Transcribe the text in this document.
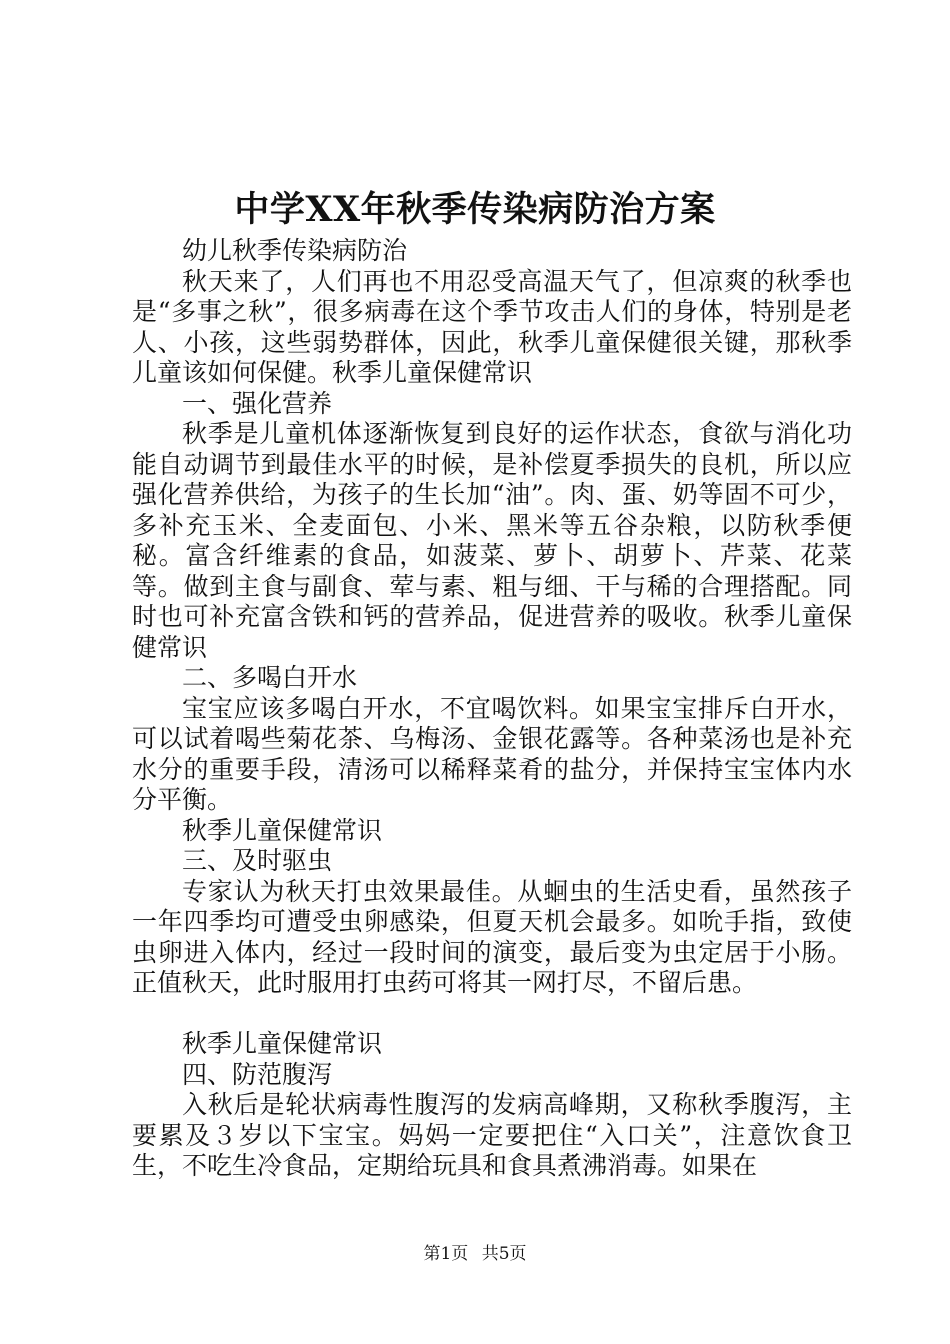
中学XX年秋季传染病防治方案

幼儿秋季传染病防治

秋天来了，人们再也不用忍受高温天气了，但凉爽的秋季也是“多事之秋”，很多病毒在这个季节攻击人们的身体，特别是老人、小孩，这些弱势群体，因此，秋季儿童保健很关键，那秋季儿童该如何保健。秋季儿童保健常识

一、强化营养

秋季是儿童机体逐渐恢复到良好的运作状态，食欲与消化功能自动调节到最佳水平的时候，是补偿夏季损失的良机，所以应强化营养供给，为孩子的生长加“油”。肉、蛋、奶等固不可少，多补充玉米、全麦面包、小米、黑米等五谷杂粮，以防秋季便秘。富含纤维素的食品，如菠菜、萝卜、胡萝卜、芹菜、花菜等。做到主食与副食、荤与素、粗与细、干与稀的合理搭配。同时也可补充富含铁和钙的营养品，促进营养的吸收。秋季儿童保健常识

二、多喝白开水

宝宝应该多喝白开水，不宜喝饮料。如果宝宝排斥白开水，可以试着喝些菊花茶、乌梅汤、金银花露等。各种菜汤也是补充水分的重要手段，清汤可以稀释菜肴的盐分，并保持宝宝体内水分平衡。

秋季儿童保健常识

三、及时驱虫

专家认为秋天打虫效果最佳。从蛔虫的生活史看，虽然孩子一年四季均可遭受虫卵感染，但夏天机会最多。如吮手指，致使虫卵进入体内，经过一段时间的演变，最后变为虫定居于小肠。正值秋天，此时服用打虫药可将其一网打尽，不留后患。

秋季儿童保健常识

四、防范腹泻

入秋后是轮状病毒性腹泻的发病高峰期，又称秋季腹泻，主要累及３岁以下宝宝。妈妈一定要把住“入口关”，注意饮食卫生，不吃生冷食品，定期给玩具和食具煮沸消毒。如果在

第1页 共5页
